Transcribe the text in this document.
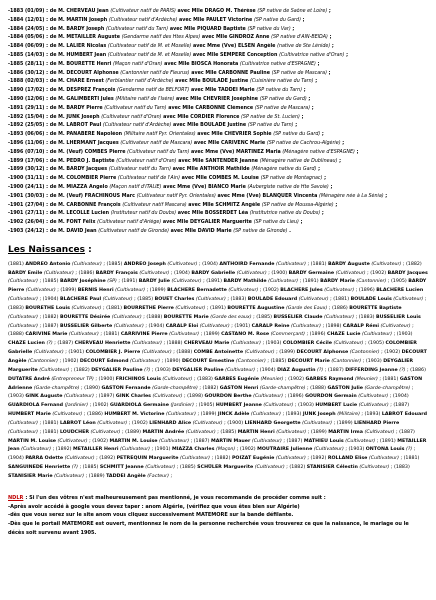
-1883 (01/09) : de M. CHERVEAU Jean (Cultivateur natif de PARIS) avec Mlle DRAGO M. Thérèse (SP native de Saône et Loire) ;
-1884 (12/01) : de M. MARTIN Joseph (Cultivateur natif d'Ardèche) avec Mlle PAULET Victorine (SP native du Gard) ;
-1884 (24/05) : de M. BARDY Joseph (Cultivateur natif du Tarn) avec Mlle PIQUARD Baptiste (SP native du Var) ;
-1884 (05/06) : de M. METAILLER Auguste (Gendarme natif des Htes Alpes) avec Mlle GINDROZ Anne (SP native d'AIN-BEIDA) ;
-1884 (06/09) : de M. LALIER Nicolas (Cultivateur natif de M. et Moselle) avec Mme (Vve) ELSEN Angèle (native de Ste Lénide) ;
-1885 (14/03) : de M. HUMBERT Jean (Cultivateur natif de M. et Moselle) avec Mlle SEMPERE Conception (Cultivatrice native d'Oran) ;
-1885 (28/11) : de M. BOURETTE Henri (Maçon natif d'Oran) avec Mlle BIOSCA Honorata (Cultivatrice native d'ESPAGNE) ;
-1886 (30/12) : de M. DECOURT Alphonse (Cantonnier natif de Fleurus) avec Mlle CARBONNE Pauline (SP native de Mascara) ;
-1888 (02/03) : de M. CHARE Ernest (Ferblantier natif d'Ardèche) avec Mlle BOULADE Justine (Cuisinière native du Tarn) ;
-1890 (17/02) : de M. DESPREZ François (Gendarme natif de BELFORT) avec Mlle TADDEI Marie (SP native du Tarn) ;
-1890 (12/06) : de M. GALIMBERTI Jules (Militaire natif de l'Isère) avec Mlle CHEVRIER Joséphine (SP native du Gard) ;
-1891 (29/11) : de M. BARDY Pierre (Cultivateur natif du Tarn) avec Mlle CARBONNE Clémence (SP native de Mascara) ;
-1892 (15/04) : de M. JUNK Joseph (Cultivateur natif d'Oran) avec Mlle CORDIER Florence (SP native de St. Lucien) ;
-1892 (25/05) : de M. LABROT Paul (Cultivateur natif d'Ardèche) avec Mlle BOULADE Justine (SP native du Tarn) ;
-1893 (06/06) : de M. PANABERE Napoléon (Militaire natif Pyr. Orientales) avec Mlle CHEVRIER Sophie (SP native du Gard) ;
-1896 (11/06) : de M. LHERMANT Jacques (Cultivateur natif de Mascara) avec Mlle CARIVENC Marie (SP native de Cachrou-Algérie) ;
-1896 (07/10) : de M. (Veuf) COMBES Pierre (Cultivateur natif du Tarn) avec Mme (Vve) MARTINEZ Maria (Ménagère native d'ESPAGNE) ;
-1899 (17/06) : de M. PEDRO J. Baptiste (Cultivateur natif d'Oran) avec Mlle SANTENDER Jeanne (Ménagère native de Dublineau) ;
-1899 (30/12) : de M. BARDY Jacques (Cultivateur natif du Tarn) avec Mlle ANTHOIR Mathilde (Ménagère native du Gard) ;
-1900 (31/11) : de M. COLOMBIER Pierre (Cultivateur natif de l'Ain) avec Mlle COMBES M. Louise (SP native de Montagnac) ;
-1900 (24/11) : de M. MIAZZA Angelo (Maçon natif d'ITALIE) avec Mme (Vve) BIANCO Marie (Aubergiste native de Hte Savoie) ;
-1901 (30/03) : de M. (Veuf) FRACHINOUS Marc (Cultivateur natif Pyr. Orientales) avec Mme (Vve) BLANQUER Vincenta (Ménagère née à La Sénia) ;
-1901 (27/04) : de M. CARBONNE François (Cultivateur natif Mascara) avec Mlle SCHMITZ Angèle (SP native de Moussa-Algérie) ;
-1901 (27/11) : de M. LECOLLE Lucien (Instituteur natif du Doubs) avec Mlle BOSSERDET Léa (Institutrice native du Doubs) ;
-1902 (26/04) : de M. FONT Félix (Cultivateur natif d'Ariège) avec Mlle DEYGALIER Marguerite (SP native du Lieu) ;
-1903 (24/12) : de M. DAVID Jean (Cultivateur natif de Gironde) avec Mlle DAVID Marie (SP native de Gironde) .
Les Naissances :

(1881) ANDREO Antonio (Cultivateur) ; (1885) ANDREO Joseph (Cultivateur) ; (1904) ANTHOIRD Fernande (Cultivateur) ; (1881) BARDY Auguste (Cultivateur) ; (1882) BARDY Emile (Cultivateur) ; (1886) BARDY François (Cultivateur) ; (1904) BARDY Gabrielle (Cultivateur) ; (1900) BARDY Germaine (Cultivateur) ; (1902) BARDY Jacques (Cultivateur) ; (1885) BARDY Joséphine (SP) ; (1891) BARDY Julie (Cultivateur) ; (1891) BARDY Mathilde (Cultivateur) ; (1891) BARDY Marie (Cantonnier) ; (1905) BARDY Pierre (Cultivateur) ; (1899) BERNIS Henri (Cultivateur) ; (1899) BLACHERE Bernadette (Cultivateur) ; (1902) BLACHERE Jules (Cultivateur) ; (1896) BLACHERE Lucien (Cultivateur) ; (1904) BLACHERE Paul (Cultivateur) ; (1885) BOUET Charles (Cultivateur) ; (1883) BOULADE Edouard (Cultivateur) ; (1881) BOULADE Louis (Cultivateur) ; (1883) BOURETHE Louis (Cultivateur) ; (1881) BOURRETHE Pierre (Cultivateur) ; (1891) BOURETTE Augustine (Garde des Eaux) ; (1886) BOURETTE Baptiste (Cultivateur) ; (1882) BOURETTE Désirée (Cultivateur) ; (1888) BOURETTE Marie (Garde des eaux) ; (1885) BUSSELIER Claude (Cultivateur) ; (1883) BUSSELIER Louis (Cultivateur) ; (1887) BUSSELIER Gilberte (Cultivateur) ; (1904) CARALP Eloi (Cultivateur) ; (1901) CARALP Reine (Cultivateur) ; (1898) CARALP Rémi (Cultivateur) ; (1888) CARIVINE Marie (Cultivateur) ; (1881) CARRIVINE Pierre (Cultivateur) ; (1899) CASTANO M. Rose (Commerçant) ; (1896) CHAZE Lucie (Cultivateur) ; (1903) CHAZE Lucien (?) ; (1887) CHERVEAU Henriette (Cultivateur) ; (1888) CHERVEAU Marie (Cultivateur) ; (1903) COLOMBIER Cécile (Cultivateur) ; (1905) COLOMBIER Gabrielle (Cultivateur) ; (1901) COLOMBIER J. Pierre (Cultivateur) ; (1888) COMBE Antoinette (Cultivateur) ; (1899) DECOURT Alphonse (Cantonnier) ; (1902) DECOURT Angèle (Cantonnier) ; (1902) DECOURT Edmond (Cultivateur) ; (1890) DECOURT Ernestine (Cantonnier) ; (1885) DECOURT Marie (Cantonnier) ; (1903) DEYGALIER Marguerite (Cultivateur) ; (1882) DEYGALIER Pauline (?) ; (1903) DEYGALIER Pauline (Cultivateur) ; (1904) DIAZ Augustin (?) ; (1887) DIFFERDING Jeanne (?) ; (1886) DUTATRE André (Entrepreneur TP) ; (1900) FRICHINOS Louis (Cultivateur) ; (1883) GARBES Eugénie (Meunier) ; (1902) GARBES Raymond (Meunier) ; (1881) GASTON Adrienne (Garde-champêtre) ; (1890) GASTON Fernande (Garde-champêtre) ; (1882) GASTON Henri (Garde-champêtre) ; (1888) GASTON Julie (Garde-champêtre) ; (1903) GINK Auguste (Cultivateur) ; (1897) GINK Charles (Cultivateur) ; (1898) GOURDON Berthe (Cultivateur) ; (1896) GOURDON Germain (Cultivateur) ; (1904) GUARDIOLA Fernand (Jardinier) ; (1902) GUARDIOLA Germaine (Jardinier) ; (1905) HUMBERT Jeanne (Cultivateur) ; (1903) HUMBERT Lucie (Cultivateur) ; (1887) HUMBERT Marie (Cultivateur) ; (1886) HUMBERT M. Victorine (Cultivateur) ; (1899) JINCK Adèle (Cultivateur) ; (1893) JUNK Joseph (Militaire) ; (1893) LABROT Edouard (Cultivateur) ; (1881) LABROT Léon (Cultivateur) ; (1902) LIENHARD Alice (Cultivateur) ; (1900) LIENHARD Georgette (Cultivateur) ; (1899) LIENHARD Pierre (Cultivateur) ; (1881) LOUDCHER (Cultivateur) ; (1889) MARTIN Andrée (Cultivateur) ; (1885) MARTIN Henri (Cultivateur) ; (1899) MARTIN Irma (Cultivateur) ; (1887) MARTIN M. Louise (Cultivateur) ; (1902) MARTIN M. Louise (Cultivateur) ; (1887) MARTIN Mauer (Cultivateur) ; (1887) MATHIEU Louis (Cultivateur) ; (1891) METAILLER Jean (Cultivateur) ; (1892) METAILLER Henri (Cultivateur) ; (1901) MIAZZA Charles (Maçon) ; (1902) MOUTRAIRE Julienne (Cultivateur) ; (1903) ONTONA Louis (?) ; (1904) PARRA Odette (Cultivateur) ; (1892) PETREQUIN Marguerite (Cultivateur) ; (1882) POIZAT Eugénie (Cultivateur) ; (1892) ROLLAND Elise (Cultivateur) ; (1881) SANGUINEDE Henriette (?) ; (1885) SCHMITT Jeanne (Cultivateur) ; (1885) SCHÜLER Marguerite (Cultivateur) ; (1882) STANISIER Célestin (Cultivateur) ; (1883) STANISIER Marie (Cultivateur) ; (1889) TADDEI Angèle (Facteur) ;

NDLR : Si l'un des vôtres n'est malheureusement pas mentionné, je vous recommande de procéder comme suit :
-Après avoir accédé à google vous devez taper : anom Algérie, (vérifiez que vous êtes bien sur Algérie)
-dès que vous serez sur le site anom vous cliquez successivement MATEMORE sur la bande défilante.
-Dès que le portail MATEMORE est ouvert, mentionnez le nom de la personne recherchée vous trouverez ce que la naissance, le mariage ou le
décès soit survenu avant 1905.
